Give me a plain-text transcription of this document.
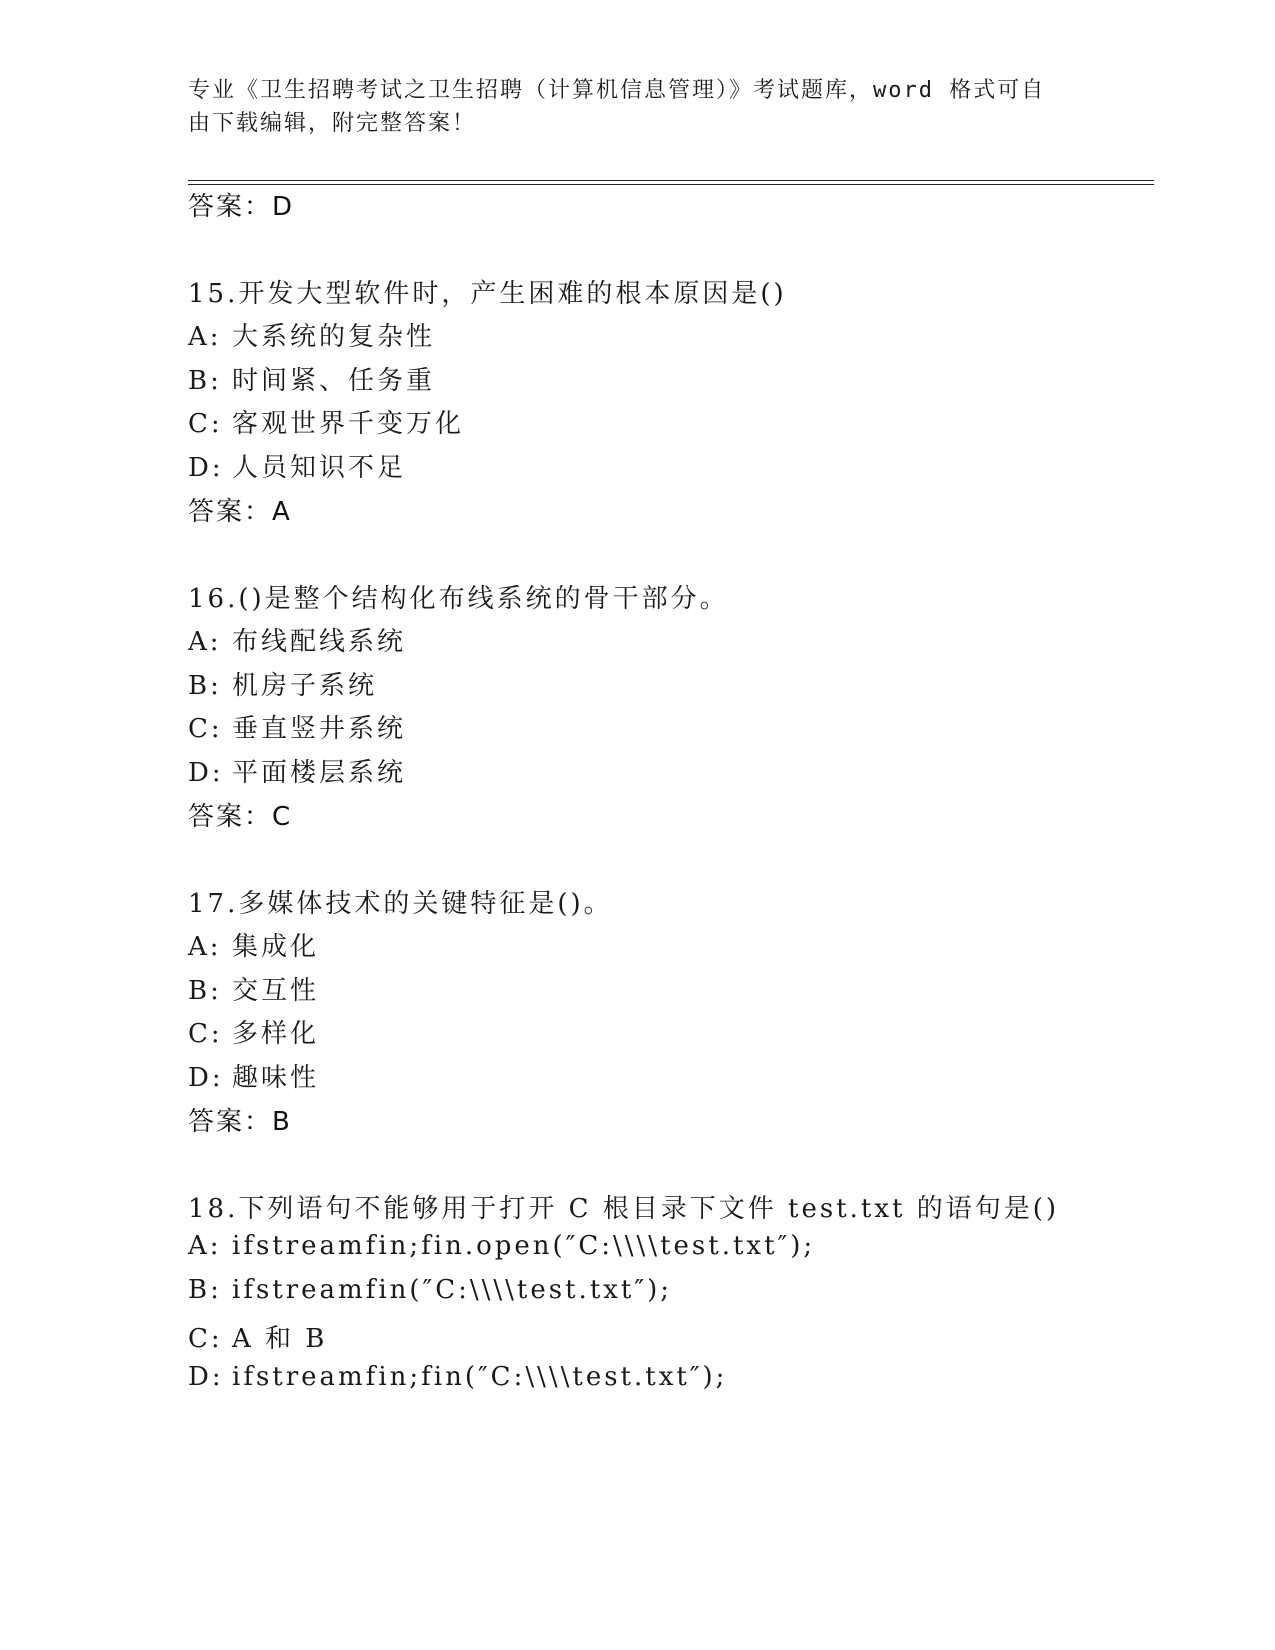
专业《卫生招聘考试之卫生招聘（计算机信息管理）》考试题库，word 格式可自由下载编辑，附完整答案！
答案：D
15.开发大型软件时，产生困难的根本原因是()
A: 大系统的复杂性
B: 时间紧、任务重
C: 客观世界千变万化
D: 人员知识不足
答案：A
16.()是整个结构化布线系统的骨干部分。
A: 布线配线系统
B: 机房子系统
C: 垂直竖井系统
D: 平面楼层系统
答案：C
17.多媒体技术的关键特征是()。
A: 集成化
B: 交互性
C: 多样化
D: 趣味性
答案：B
18.下列语句不能够用于打开 C 根目录下文件 test.txt 的语句是()
A: ifstreamfin;fin.open(″C:\\\\test.txt″);
B: ifstreamfin(″C:\\\\test.txt″);
C: A 和 B
D: ifstreamfin;fin(″C:\\\\test.txt″);
